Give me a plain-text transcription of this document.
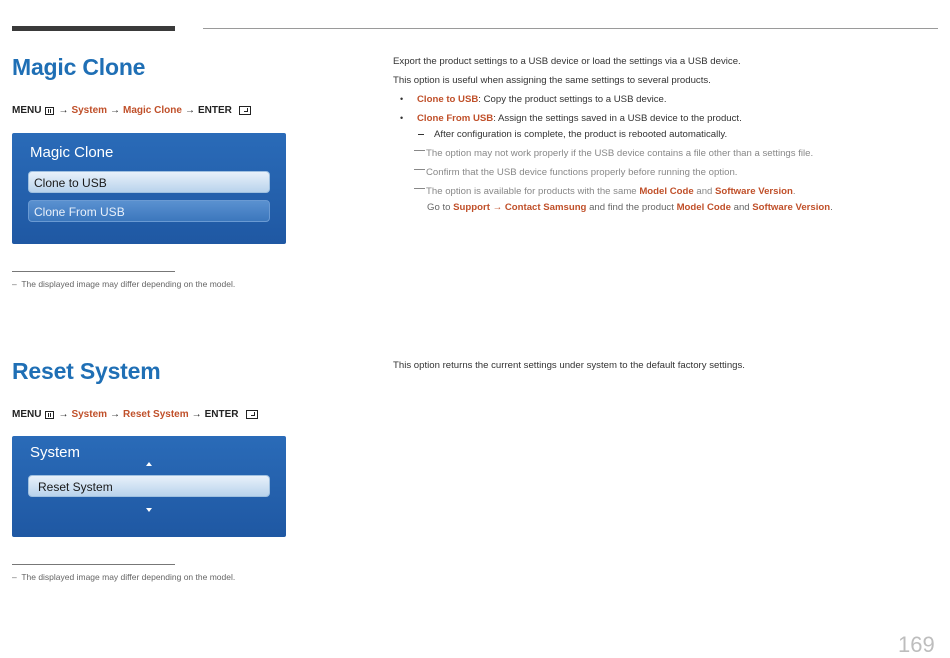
Magic Clone
MENU → System → Magic Clone → ENTER
Magic Clone
Clone to USB
Clone From USB
– The displayed image may differ depending on the model.
Export the product settings to a USB device or load the settings via a USB device.
This option is useful when assigning the same settings to several products.
• Clone to USB: Copy the product settings to a USB device.
• Clone From USB: Assign the settings saved in a USB device to the product.
After configuration is complete, the product is rebooted automatically.
The option may not work properly if the USB device contains a file other than a settings file.
Confirm that the USB device functions properly before running the option.
The option is available for products with the same Model Code and Software Version.
Go to Support → Contact Samsung and find the product Model Code and Software Version.
Reset System
MENU → System → Reset System → ENTER
System
Reset System
– The displayed image may differ depending on the model.
This option returns the current settings under system to the default factory settings.
169
